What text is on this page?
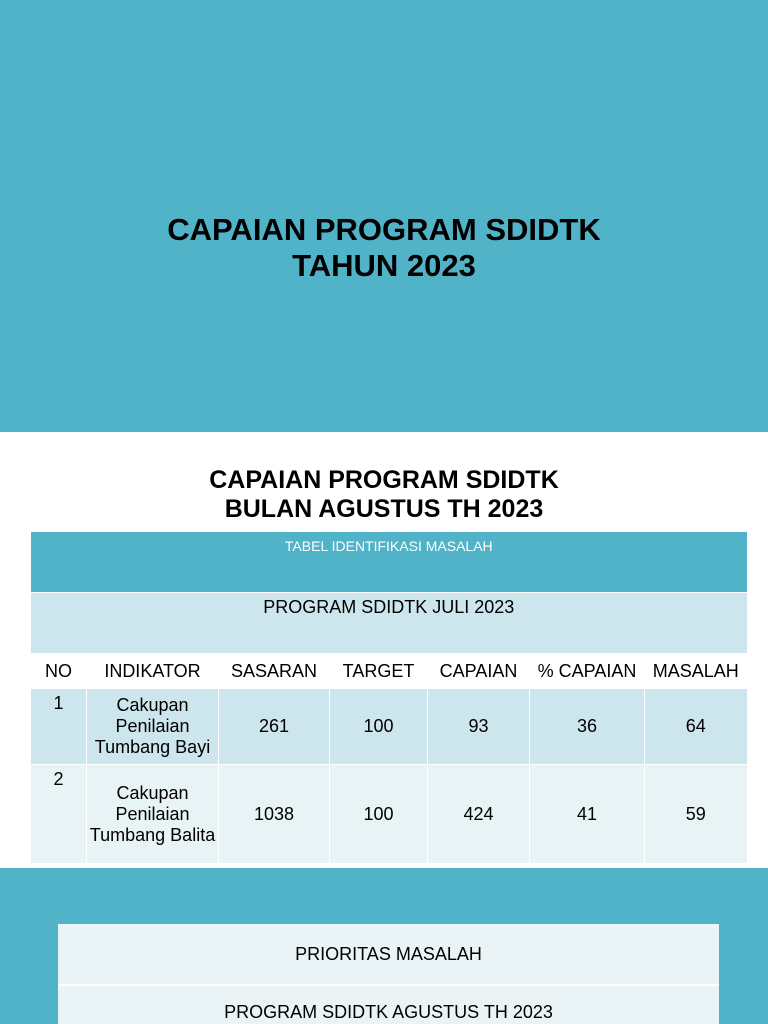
CAPAIAN PROGRAM SDIDTK
TAHUN 2023
CAPAIAN PROGRAM SDIDTK
BULAN AGUSTUS TH 2023
TABEL IDENTIFIKASI MASALAH						
PROGRAM SDIDTK JULI 2023						
NO	INDIKATOR	SASARAN	TARGET	CAPAIAN	% CAPAIAN	MASALAH
1	Cakupan Penilaian Tumbang Bayi	261	100	93	36	64
2	Cakupan Penilaian Tumbang Balita	1038	100	424	41	59
PRIORITAS MASALAH
PROGRAM SDIDTK AGUSTUS TH 2023
